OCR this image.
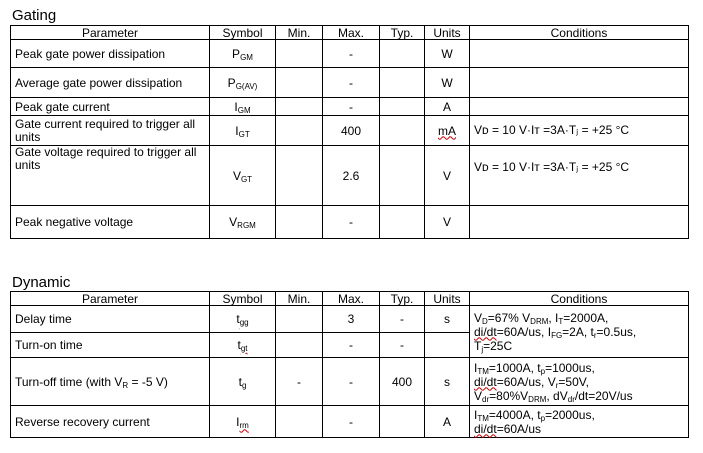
Gating
Parameter	Symbol	Min.	Max.	Typ.	Units	Conditions
Peak gate power dissipation	$P_{GM}$		-		W	
Average gate power dissipation	$P_{G(AV)}$		-		W	
Peak gate current	$I_{GM}$		-		A	
Gate current required to trigger all units	$I_{GT}$		400		mA	Vᴅ = 10 V·Iᴛ =3A·Tⱼ = +25 °C
Gate voltage required to trigger all units	$V_{GT}$		2.6		V	Vᴅ = 10 V·Iᴛ =3A·Tⱼ = +25 °C
Peak negative voltage	$V_{RGM}$		-		V	
Dynamic
Parameter	Symbol	Min.	Max.	Typ.	Units	Conditions
Delay time	$t_{gg}$		3	-	s	$V_D=67\%$ $V_{DRM}$, $I_T=2000A$,
di/dt=60A/us, $I_{FG}=2A$, $t_r=0.5us$,
$T_j=25C$
Turn-on time	$t_{gt}$		-	-		
Turn-off time (with $V_R = -5$ V)	$t_g$	-	-	400	s	$I_{TM}=1000A$, $t_p=1000us$,
di/dt=60A/us, $V_r=50V$,
$V_{dr}=80\%V_{DRM}$, $dV_{dr}/dt=20V/us$
Reverse recovery current	$I_{rm}$		-		A	$I_{TM}=4000A$, $t_p=2000us$,
di/dt=60A/us
